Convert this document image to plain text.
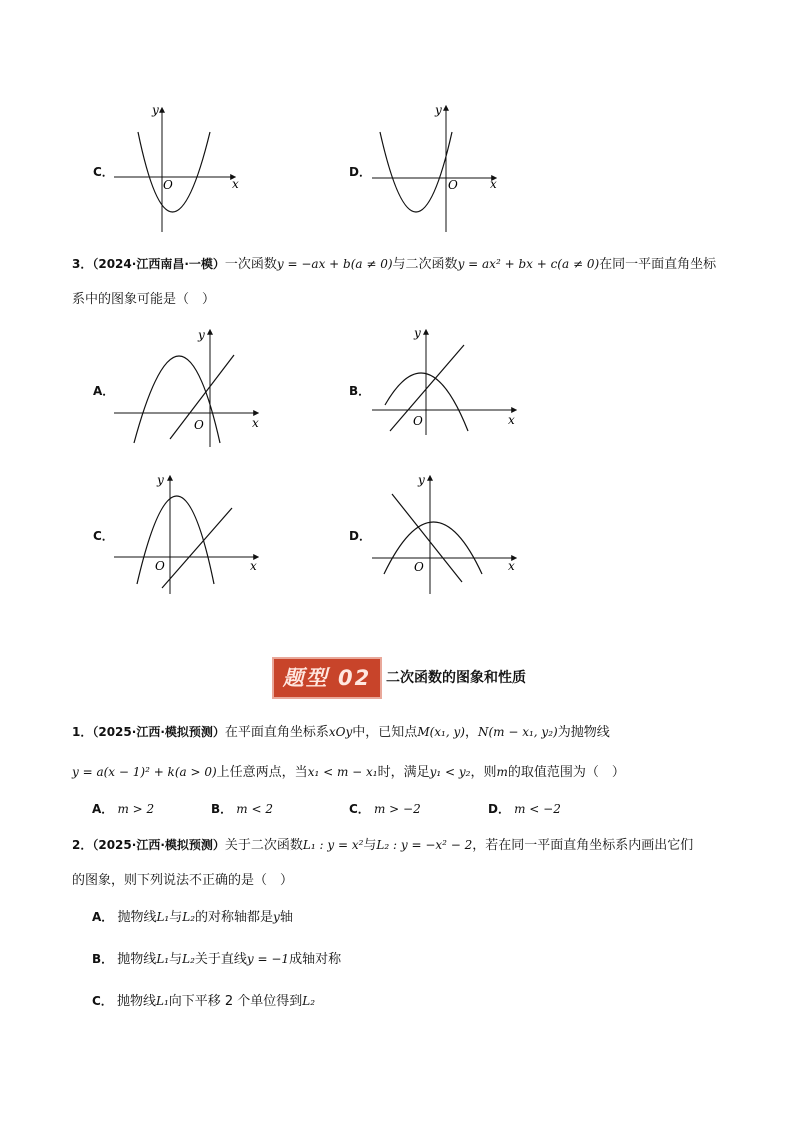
C．
y
x
O
D．
y
x
O
3．（2024·江西南昌·一模）一次函数y = −ax + b(a ≠ 0)与二次函数y = ax² + bx + c(a ≠ 0)在同一平面直角坐标
系中的图象可能是（　）
A．
y
x
O
B．
y
x
O
C．
y
x
O
D．
y
x
O
题型 02	二次函数的图象和性质
1．（2025·江西·模拟预测）在平面直角坐标系xOy中，已知点M(x₁, y)，N(m − x₁, y₂)为抛物线
y = a(x − 1)² + k(a > 0)上任意两点，当x₁ < m − x₁时，满足y₁ < y₂，则m的取值范围为（　）
A． m > 2	B． m < 2	C． m > −2	D． m < −2
2．（2025·江西·模拟预测）关于二次函数L₁ : y = x²与L₂ : y = −x² − 2，若在同一平面直角坐标系内画出它们
的图象，则下列说法不正确的是（　）
A． 抛物线L₁与L₂的对称轴都是y轴
B． 抛物线L₁与L₂关于直线y = −1成轴对称
C． 抛物线L₁向下平移 2 个单位得到L₂
